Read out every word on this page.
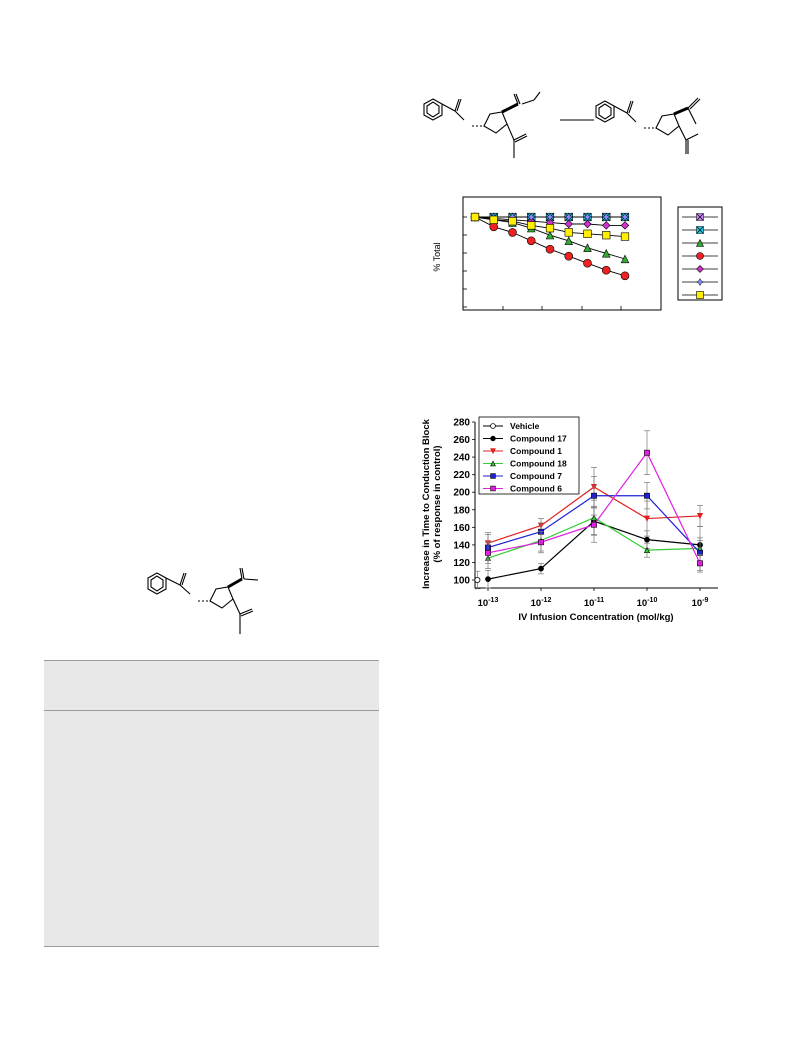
% Total
Increase in Time to Conduction Block (% of response in control)
100
120
140
160
180
200
220
240
260
280
$10^{-13}$	$10^{-12}$	$10^{-11}$	$10^{-10}$	$10^{-9}$
IV Infusion Concentration (mol/kg)
Vehicle
Compound 17
Compound 1
Compound 18
Compound 7
Compound 6
